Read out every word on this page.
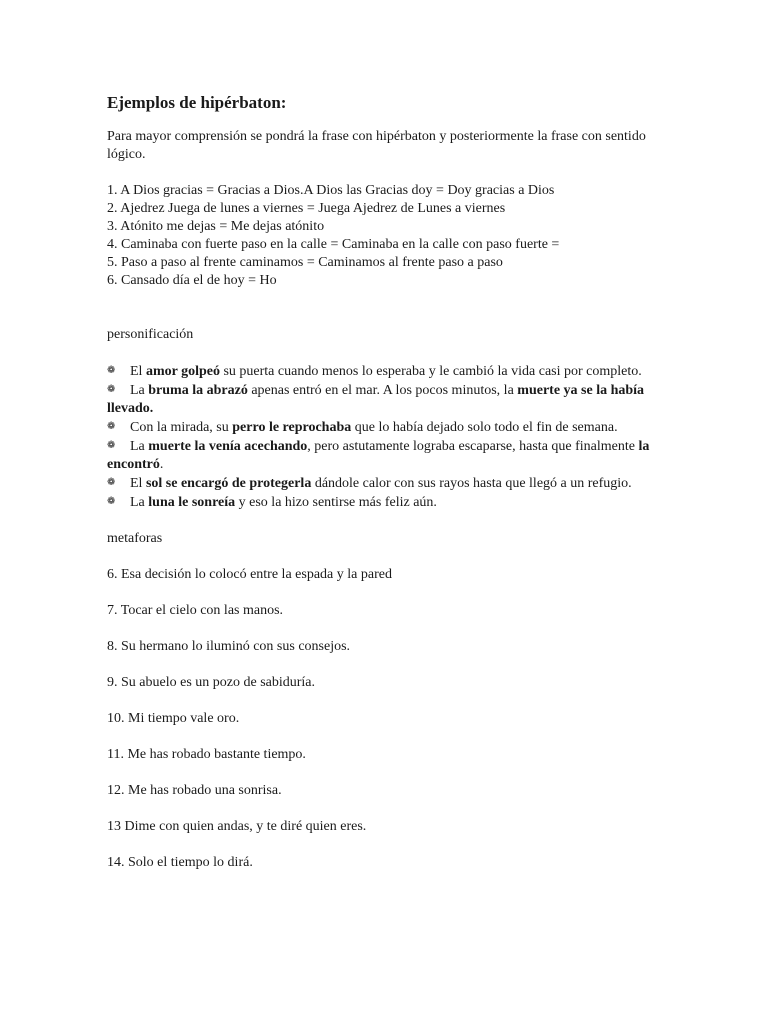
Ejemplos de hipérbaton:
Para mayor comprensión se pondrá la frase con hipérbaton y posteriormente la frase con sentido lógico.
1. A Dios gracias = Gracias a Dios.A Dios las Gracias doy = Doy gracias a Dios
2. Ajedrez Juega de lunes a viernes = Juega Ajedrez de Lunes a viernes
3. Atónito me dejas = Me dejas atónito
4. Caminaba con fuerte paso en la calle = Caminaba en la calle con paso fuerte =
5. Paso a paso al frente caminamos = Caminamos al frente paso a paso
6. Cansado día el de hoy = Ho
personificación
❁ El amor golpeó su puerta cuando menos lo esperaba y le cambió la vida casi por completo.
❁ La bruma la abrazó apenas entró en el mar. A los pocos minutos, la muerte ya se la había llevado.
❁ Con la mirada, su perro le reprochaba que lo había dejado solo todo el fin de semana.
❁ La muerte la venía acechando, pero astutamente lograba escaparse, hasta que finalmente la encontró.
❁ El sol se encargó de protegerla dándole calor con sus rayos hasta que llegó a un refugio.
❁ La luna le sonreía y eso la hizo sentirse más feliz aún.
metaforas
6. Esa decisión lo colocó entre la espada y la pared
7. Tocar el cielo con las manos.
8. Su hermano lo iluminó con sus consejos.
9. Su abuelo es un pozo de sabiduría.
10. Mi tiempo vale oro.
11. Me has robado bastante tiempo.
12. Me has robado una sonrisa.
13 Dime con quien andas, y te diré quien eres.
14. Solo el tiempo lo dirá.
